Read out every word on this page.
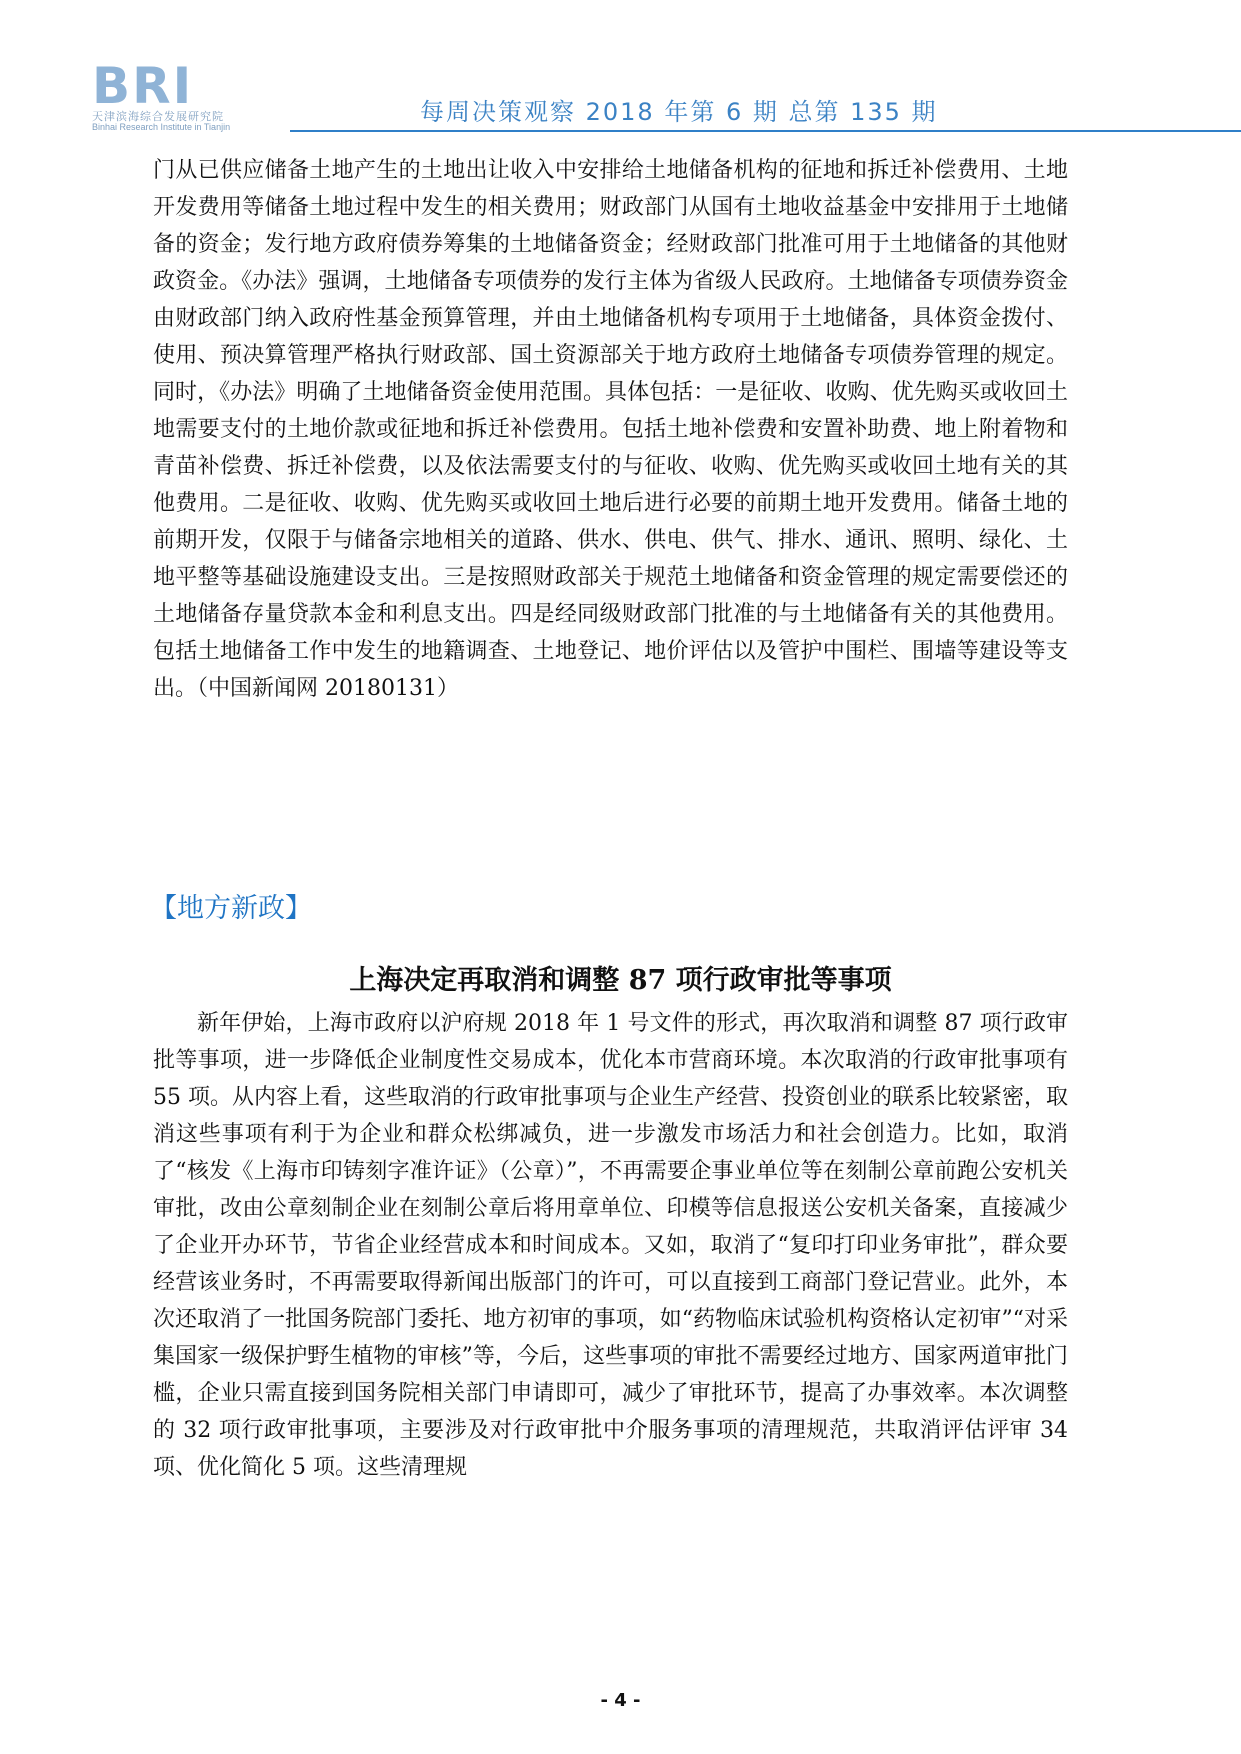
BRI
天津滨海综合发展研究院
Binhai Research Institute in Tianjin
每周决策观察 2018 年第 6 期 总第 135 期

门从已供应储备土地产生的土地出让收入中安排给土地储备机构的征地和拆迁补偿费用、土地开发费用等储备土地过程中发生的相关费用；财政部门从国有土地收益基金中安排用于土地储备的资金；发行地方政府债券筹集的土地储备资金；经财政部门批准可用于土地储备的其他财政资金。《办法》强调，土地储备专项债券的发行主体为省级人民政府。土地储备专项债券资金由财政部门纳入政府性基金预算管理，并由土地储备机构专项用于土地储备，具体资金拨付、使用、预决算管理严格执行财政部、国土资源部关于地方政府土地储备专项债券管理的规定。同时，《办法》明确了土地储备资金使用范围。具体包括：一是征收、收购、优先购买或收回土地需要支付的土地价款或征地和拆迁补偿费用。包括土地补偿费和安置补助费、地上附着物和青苗补偿费、拆迁补偿费，以及依法需要支付的与征收、收购、优先购买或收回土地有关的其他费用。二是征收、收购、优先购买或收回土地后进行必要的前期土地开发费用。储备土地的前期开发，仅限于与储备宗地相关的道路、供水、供电、供气、排水、通讯、照明、绿化、土地平整等基础设施建设支出。三是按照财政部关于规范土地储备和资金管理的规定需要偿还的土地储备存量贷款本金和利息支出。四是经同级财政部门批准的与土地储备有关的其他费用。包括土地储备工作中发生的地籍调查、土地登记、地价评估以及管护中围栏、围墙等建设等支出。（中国新闻网 20180131）

【地方新政】
上海决定再取消和调整 87 项行政审批等事项

新年伊始，上海市政府以沪府规 2018 年 1 号文件的形式，再次取消和调整 87 项行政审批等事项，进一步降低企业制度性交易成本，优化本市营商环境。本次取消的行政审批事项有 55 项。从内容上看，这些取消的行政审批事项与企业生产经营、投资创业的联系比较紧密，取消这些事项有利于为企业和群众松绑减负，进一步激发市场活力和社会创造力。比如，取消了“核发《上海市印铸刻字准许证》（公章）”，不再需要企事业单位等在刻制公章前跑公安机关审批，改由公章刻制企业在刻制公章后将用章单位、印模等信息报送公安机关备案，直接减少了企业开办环节，节省企业经营成本和时间成本。又如，取消了“复印打印业务审批”，群众要经营该业务时，不再需要取得新闻出版部门的许可，可以直接到工商部门登记营业。此外，本次还取消了一批国务院部门委托、地方初审的事项，如“药物临床试验机构资格认定初审”“对采集国家一级保护野生植物的审核”等，今后，这些事项的审批不需要经过地方、国家两道审批门槛，企业只需直接到国务院相关部门申请即可，减少了审批环节，提高了办事效率。本次调整的 32 项行政审批事项，主要涉及对行政审批中介服务事项的清理规范，共取消评估评审 34 项、优化简化 5 项。这些清理规

- 4 -
